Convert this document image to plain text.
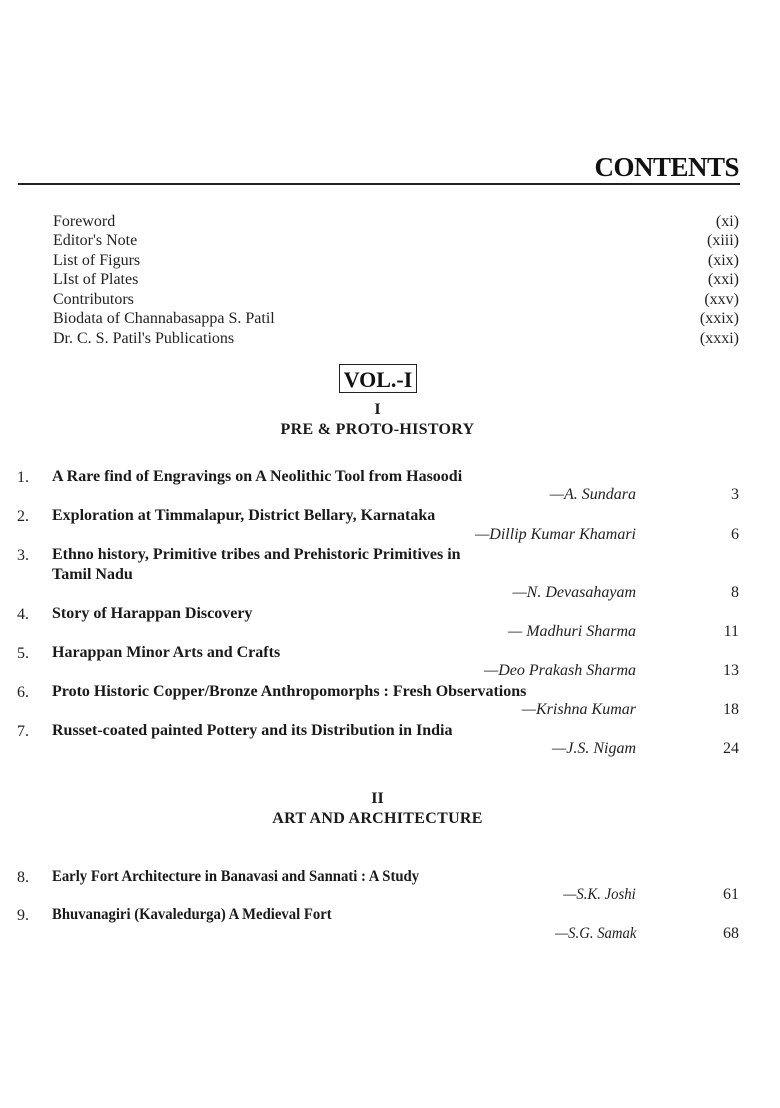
CONTENTS
Foreword	(xi)
Editor's Note	(xiii)
List of Figurs	(xix)
LIst of Plates	(xxi)
Contributors	(xxv)
Biodata of Channabasappa S. Patil	(xxix)
Dr. C. S. Patil's Publications	(xxxi)
VOL.-I
I
PRE & PROTO-HISTORY
1. A Rare find of Engravings on A Neolithic Tool from Hasoodi
—A. Sundara	3
2. Exploration at Timmalapur, District Bellary, Karnataka
—Dillip Kumar Khamari	6
3. Ethno history, Primitive tribes and Prehistoric Primitives in
Tamil Nadu
—N. Devasahayam	8
4. Story of Harappan Discovery
— Madhuri Sharma	11
5. Harappan Minor Arts and Crafts
—Deo Prakash Sharma	13
6. Proto Historic Copper/Bronze Anthropomorphs : Fresh Observations
—Krishna Kumar	18
7. Russet-coated painted Pottery and its Distribution in India
—J.S. Nigam	24
II
ART AND ARCHITECTURE
8. Early Fort Architecture in Banavasi and Sannati : A Study
—S.K. Joshi	61
9. Bhuvanagiri (Kavaledurga) A Medieval Fort
—S.G. Samak	68
